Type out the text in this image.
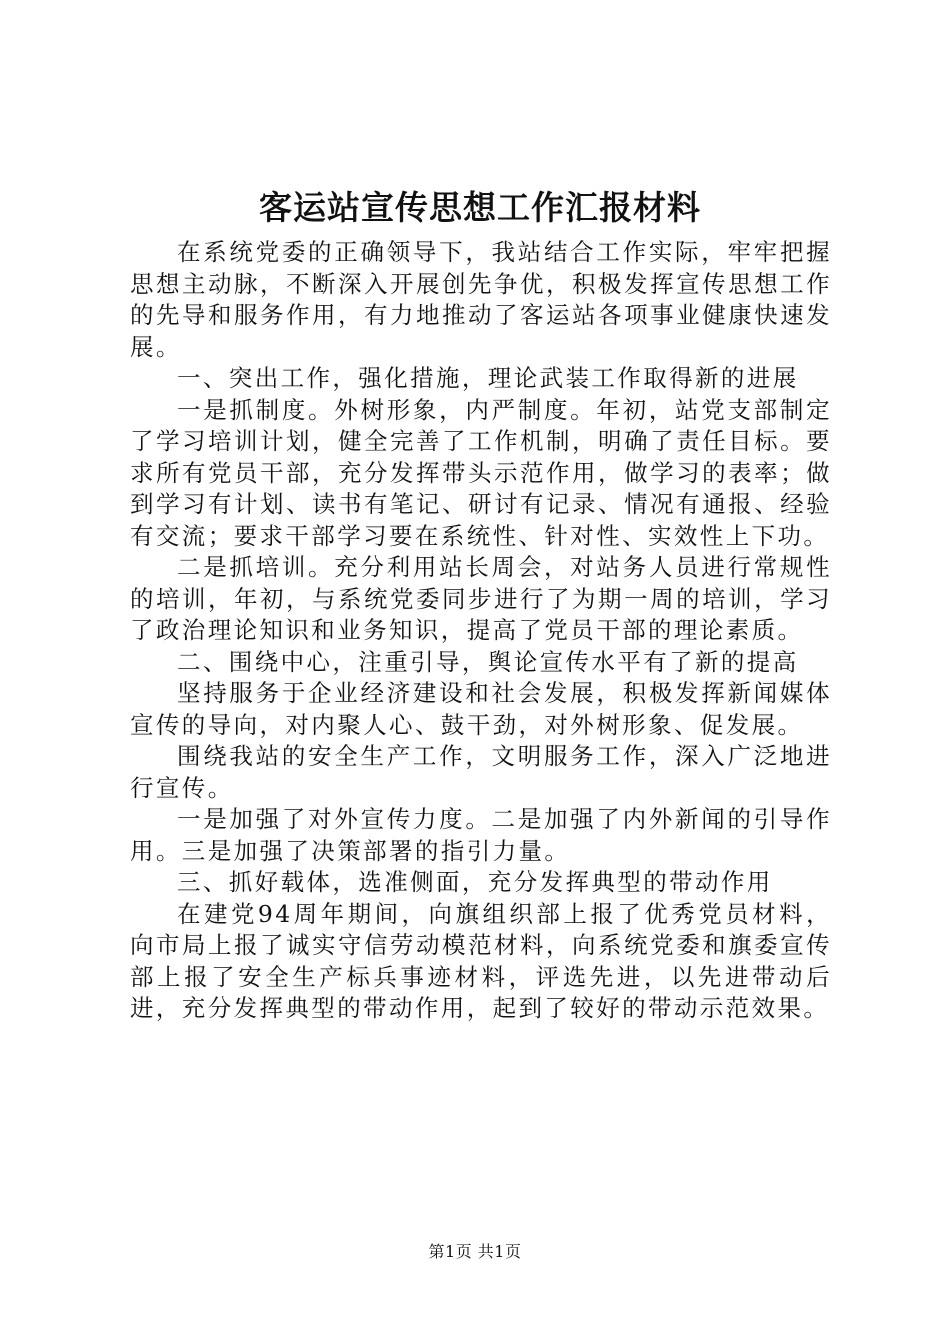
客运站宣传思想工作汇报材料

在系统党委的正确领导下，我站结合工作实际，牢牢把握思想主动脉，不断深入开展创先争优，积极发挥宣传思想工作的先导和服务作用，有力地推动了客运站各项事业健康快速发展。

一、突出工作，强化措施，理论武装工作取得新的进展

一是抓制度。外树形象，内严制度。年初，站党支部制定了学习培训计划，健全完善了工作机制，明确了责任目标。要求所有党员干部，充分发挥带头示范作用，做学习的表率；做到学习有计划、读书有笔记、研讨有记录、情况有通报、经验有交流；要求干部学习要在系统性、针对性、实效性上下功。

二是抓培训。充分利用站长周会，对站务人员进行常规性的培训，年初，与系统党委同步进行了为期一周的培训，学习了政治理论知识和业务知识，提高了党员干部的理论素质。

二、围绕中心，注重引导，舆论宣传水平有了新的提高

坚持服务于企业经济建设和社会发展，积极发挥新闻媒体宣传的导向，对内聚人心、鼓干劲，对外树形象、促发展。

围绕我站的安全生产工作，文明服务工作，深入广泛地进行宣传。

一是加强了对外宣传力度。二是加强了内外新闻的引导作用。三是加强了决策部署的指引力量。

三、抓好载体，选准侧面，充分发挥典型的带动作用

在建党94周年期间，向旗组织部上报了优秀党员材料，向市局上报了诚实守信劳动模范材料，向系统党委和旗委宣传部上报了安全生产标兵事迹材料，评选先进，以先进带动后进，充分发挥典型的带动作用，起到了较好的带动示范效果。

第1页 共1页
